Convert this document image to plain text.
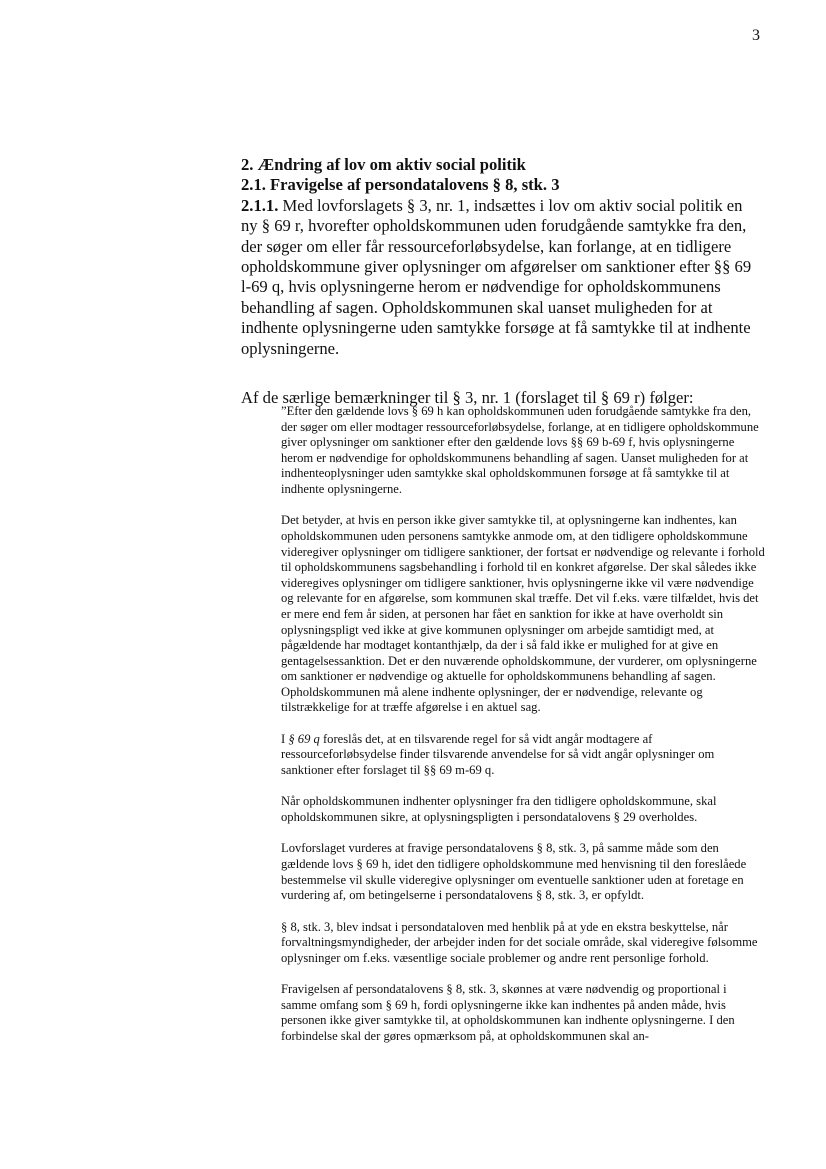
3
2. Ændring af lov om aktiv social politik
2.1. Fravigelse af persondatalovens § 8, stk. 3

2.1.1. Med lovforslagets § 3, nr. 1, indsættes i lov om aktiv social politik en ny § 69 r, hvorefter opholdskommunen uden forudgående samtykke fra den, der søger om eller får ressourceforløbsydelse, kan forlange, at en tidligere opholdskommune giver oplysninger om afgørelser om sanktioner efter §§ 69 l-69 q, hvis oplysningerne herom er nødvendige for opholdskommunens behandling af sagen. Opholdskommunen skal uanset muligheden for at indhente oplysningerne uden samtykke forsøge at få samtykke til at indhente oplysningerne.

Af de særlige bemærkninger til § 3, nr. 1 (forslaget til § 69 r) følger:

”Efter den gældende lovs § 69 h kan opholdskommunen uden forudgående samtykke fra den, der søger om eller modtager ressourceforløbsydelse, forlange, at en tidligere opholdskommune giver oplysninger om sanktioner efter den gældende lovs §§ 69 b-69 f, hvis oplysningerne herom er nødvendige for opholdskommunens behandling af sagen. Uanset muligheden for at indhenteoplysninger uden samtykke skal opholdskommunen forsøge at få samtykke til at indhente oplysningerne.

Det betyder, at hvis en person ikke giver samtykke til, at oplysningerne kan indhentes, kan opholdskommunen uden personens samtykke anmode om, at den tidligere opholdskommune videregiver oplysninger om tidligere sanktioner, der fortsat er nødvendige og relevante i forhold til opholdskommunens sagsbehandling i forhold til en konkret afgørelse. Der skal således ikke videregives oplysninger om tidligere sanktioner, hvis oplysningerne ikke vil være nødvendige og relevante for en afgørelse, som kommunen skal træffe. Det vil f.eks. være tilfældet, hvis det er mere end fem år siden, at personen har fået en sanktion for ikke at have overholdt sin oplysningspligt ved ikke at give kommunen oplysninger om arbejde samtidigt med, at pågældende har modtaget kontanthjælp, da der i så fald ikke er mulighed for at give en gentagelsessanktion. Det er den nuværende opholdskommune, der vurderer, om oplysningerne om sanktioner er nødvendige og aktuelle for opholdskommunens behandling af sagen. Opholdskommunen må alene indhente oplysninger, der er nødvendige, relevante og tilstrækkelige for at træffe afgørelse i en aktuel sag.

I § 69 q foreslås det, at en tilsvarende regel for så vidt angår modtagere af ressourceforløbsydelse finder tilsvarende anvendelse for så vidt angår oplysninger om sanktioner efter forslaget til §§ 69 m-69 q.

Når opholdskommunen indhenter oplysninger fra den tidligere opholdskommune, skal opholdskommunen sikre, at oplysningspligten i persondatalovens § 29 overholdes.

Lovforslaget vurderes at fravige persondatalovens § 8, stk. 3, på samme måde som den gældende lovs § 69 h, idet den tidligere opholdskommune med henvisning til den foreslåede bestemmelse vil skulle videregive oplysninger om eventuelle sanktioner uden at foretage en vurdering af, om betingelserne i persondatalovens § 8, stk. 3, er opfyldt.

§ 8, stk. 3, blev indsat i persondataloven med henblik på at yde en ekstra beskyttelse, når forvaltningsmyndigheder, der arbejder inden for det sociale område, skal videregive følsomme oplysninger om f.eks. væsentlige sociale problemer og andre rent personlige forhold.

Fravigelsen af persondatalovens § 8, stk. 3, skønnes at være nødvendig og proportional i samme omfang som § 69 h, fordi oplysningerne ikke kan indhentes på anden måde, hvis personen ikke giver samtykke til, at opholdskommunen kan indhente oplysningerne. I den forbindelse skal der gøres opmærksom på, at opholdskommunen skal an-
